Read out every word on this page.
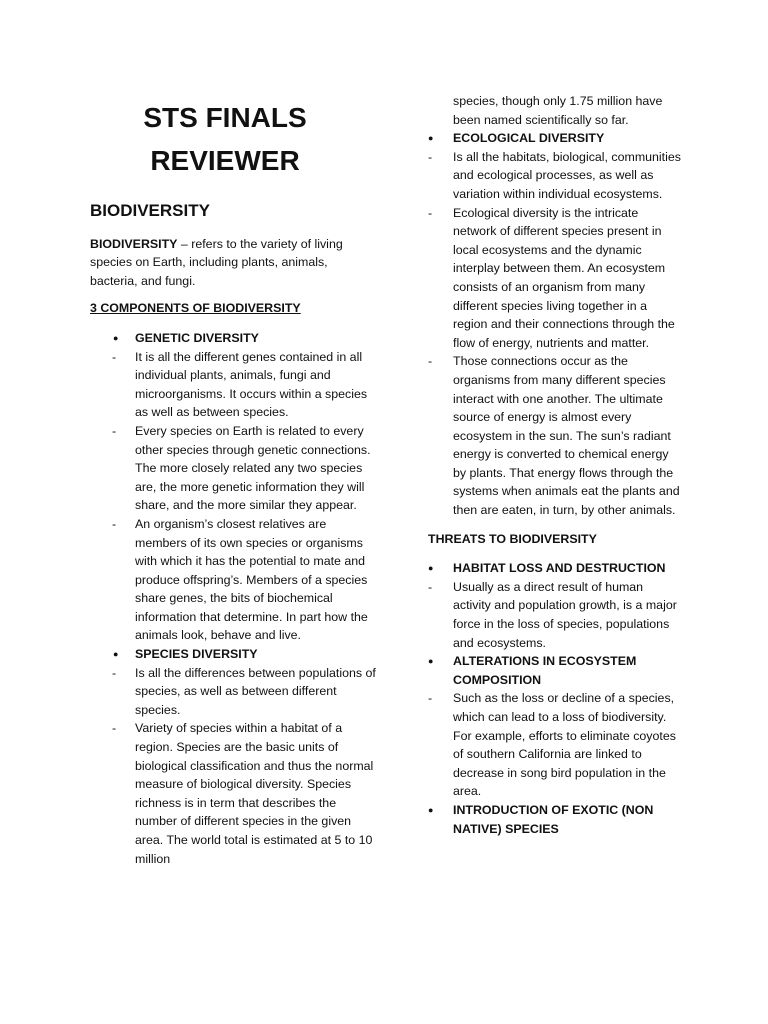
STS FINALS

REVIEWER

BIODIVERSITY

BIODIVERSITY – refers to the variety of living species on Earth, including plants, animals, bacteria, and fungi.

3 COMPONENTS OF BIODIVERSITY

●	GENETIC DIVERSITY
-	It is all the different genes contained in all individual plants, animals, fungi and microorganisms. It occurs within a species as well as between species.
-	Every species on Earth is related to every other species through genetic connections. The more closely related any two species are, the more genetic information they will share, and the more similar they appear.
-	An organism’s closest relatives are members of its own species or organisms with which it has the potential to mate and produce offspring’s. Members of a species share genes, the bits of biochemical information that determine. In part how the animals look, behave and live.
●	SPECIES DIVERSITY
-	Is all the differences between populations of species, as well as between different species.
-	Variety of species within a habitat of a region. Species are the basic units of biological classification and thus the normal measure of biological diversity. Species richness is in term that describes the number of different species in the given area. The world total is estimated at 5 to 10 million

species, though only 1.75 million have been named scientifically so far.

●	ECOLOGICAL DIVERSITY
-	Is all the habitats, biological, communities and ecological processes, as well as variation within individual ecosystems.
-	Ecological diversity is the intricate network of different species present in local ecosystems and the dynamic interplay between them. An ecosystem consists of an organism from many different species living together in a region and their connections through the flow of energy, nutrients and matter.
-	Those connections occur as the organisms from many different species interact with one another. The ultimate source of energy is almost every ecosystem in the sun. The sun’s radiant energy is converted to chemical energy by plants. That energy flows through the systems when animals eat the plants and then are eaten, in turn, by other animals.

THREATS TO BIODIVERSITY

●	HABITAT LOSS AND DESTRUCTION
-	Usually as a direct result of human activity and population growth, is a major force in the loss of species, populations and ecosystems.
●	ALTERATIONS IN ECOSYSTEM COMPOSITION
-	Such as the loss or decline of a species, which can lead to a loss of biodiversity. For example, efforts to eliminate coyotes of southern California are linked to decrease in song bird population in the area.
●	INTRODUCTION OF EXOTIC (NON NATIVE) SPECIES
